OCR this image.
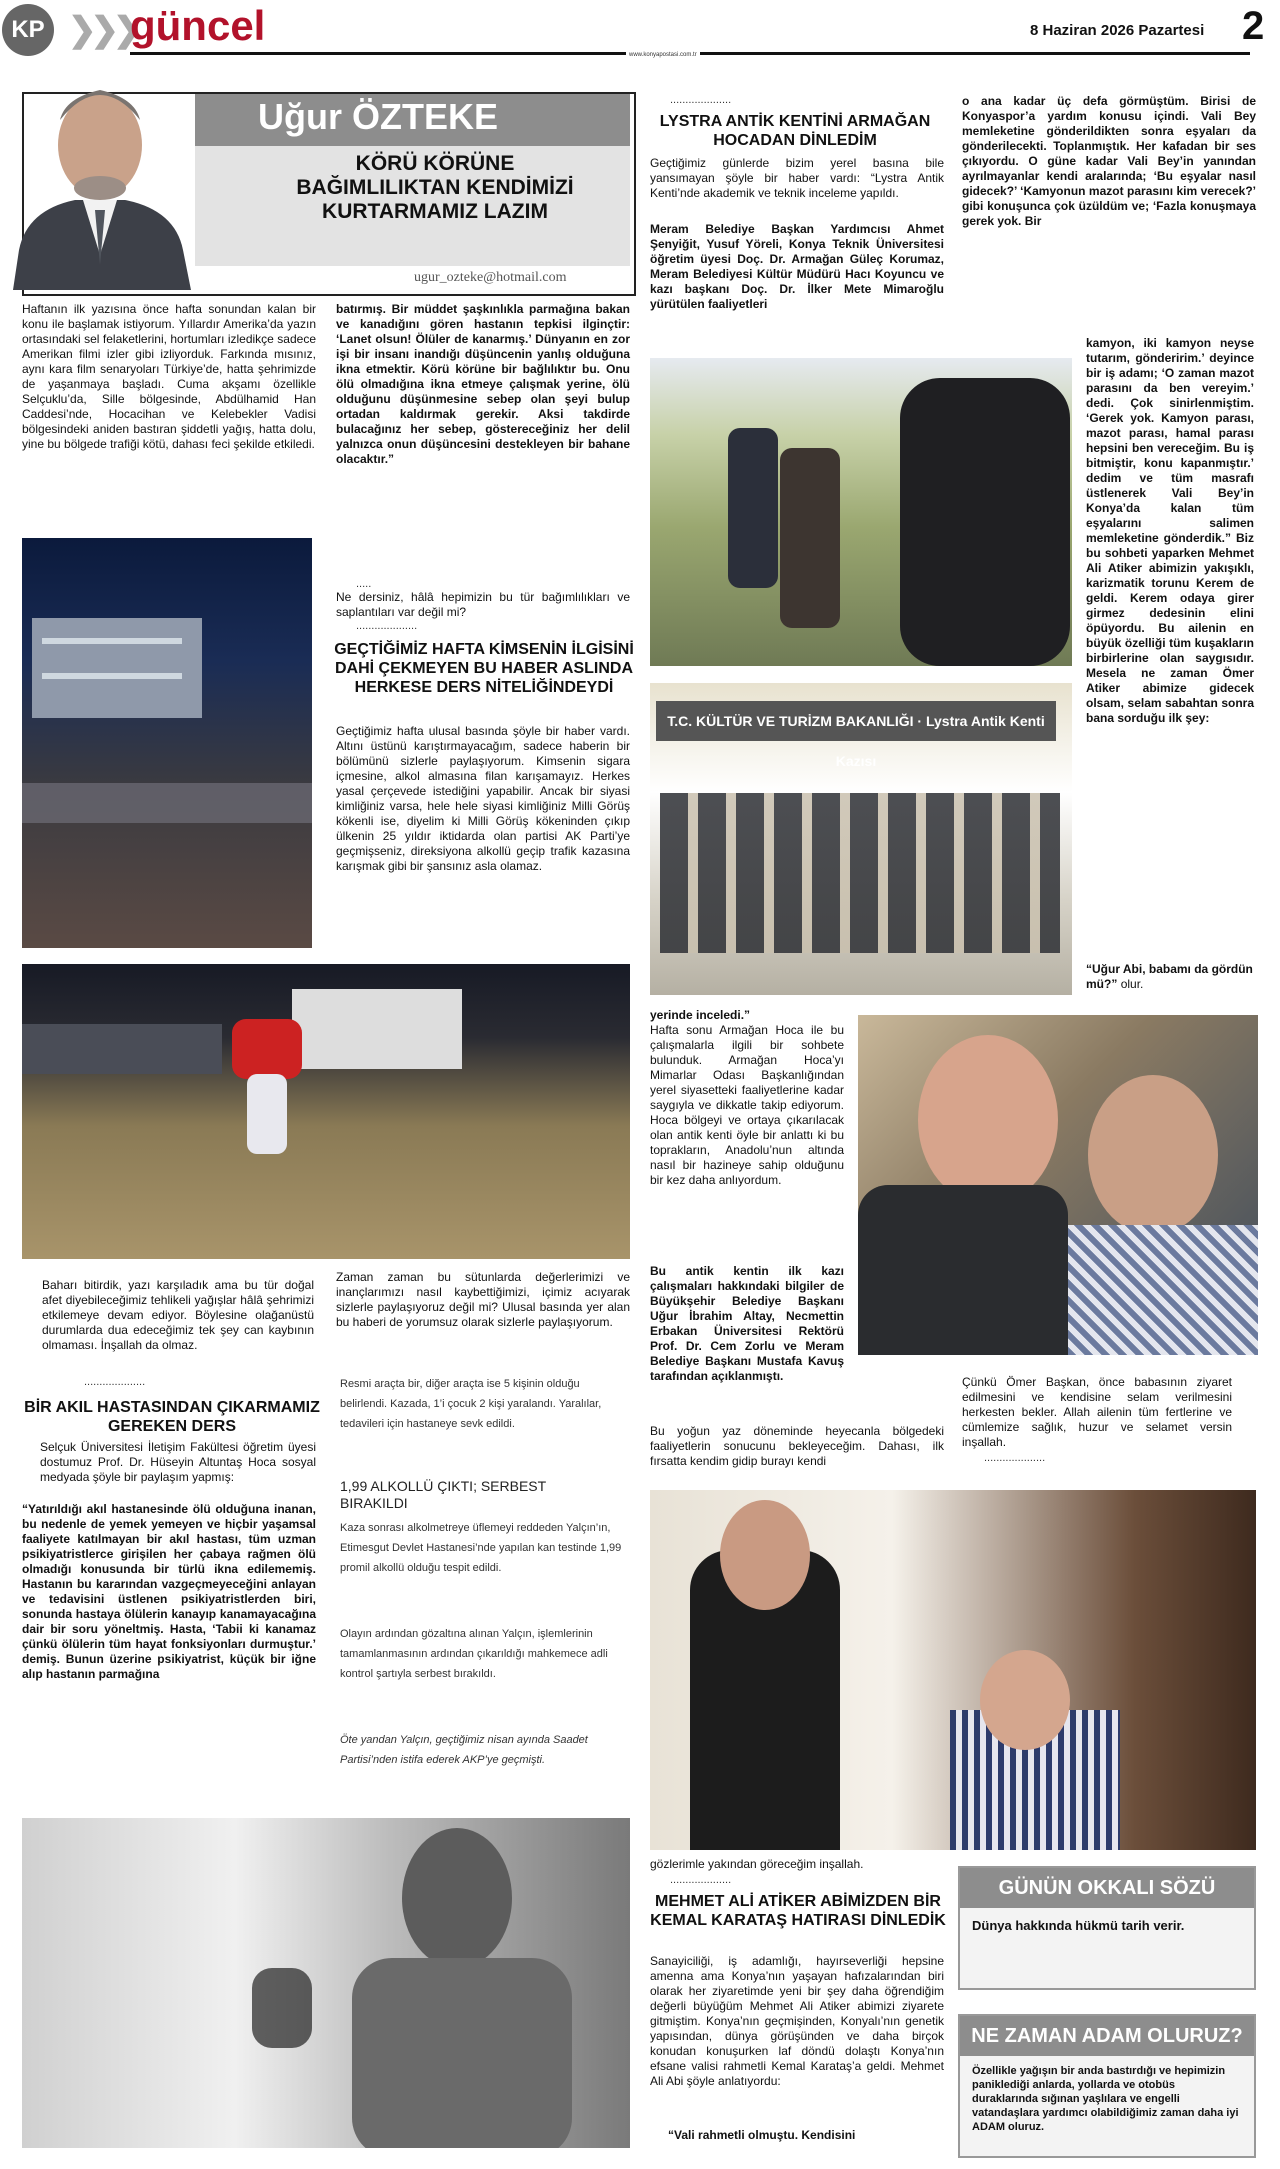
KP ❯❯❯
güncel
www.konyapostasi.com.tr
8 Haziran 2026 Pazartesi 2
Uğur ÖZTEKE
KÖRÜ KÖRÜNE BAĞIMLILIKTAN KENDİMİZİ KURTARMAMIZ LAZIM
ugur_ozteke@hotmail.com
Haftanın ilk yazısına önce hafta sonundan kalan bir konu ile başlamak istiyorum. Yıllardır Amerika’da yazın ortasındaki sel felaketlerini, hortumları izledikçe sadece Amerikan filmi izler gibi izliyorduk. Farkında mısınız, aynı kara film senaryoları Türkiye’de, hatta şehrimizde de yaşanmaya başladı. Cuma akşamı özellikle Selçuklu’da, Sille bölgesinde, Abdülhamid Han Caddesi’nde, Hocacihan ve Kelebekler Vadisi bölgesindeki aniden bastıran şiddetli yağış, hatta dolu, yine bu bölgede trafiği kötü, dahası feci şekilde etkiledi.
Baharı bitirdik, yazı karşıladık ama bu tür doğal afet diyebileceğimiz tehlikeli yağışlar hâlâ şehrimizi etkilemeye devam ediyor. Böylesine olağanüstü durumlarda dua edeceğimiz tek şey can kaybının olmaması. İnşallah da olmaz.
....................
BİR AKIL HASTASINDAN ÇIKARMAMIZ GEREKEN DERS
Selçuk Üniversitesi İletişim Fakültesi öğretim üyesi dostumuz Prof. Dr. Hüseyin Altuntaş Hoca sosyal medyada şöyle bir paylaşım yapmış:
“Yatırıldığı akıl hastanesinde ölü olduğuna inanan, bu nedenle de yemek yemeyen ve hiçbir yaşamsal faaliyete katılmayan bir akıl hastası, tüm uzman psikiyatristlerce girişilen her çabaya rağmen ölü olmadığı konusunda bir türlü ikna edilememiş. Hastanın bu kararından vazgeçmeyeceğini anlayan ve tedavisini üstlenen psikiyatristlerden biri, sonunda hastaya ölülerin kanayıp kanamayacağına dair bir soru yöneltmiş. Hasta, ‘Tabii ki kanamaz çünkü ölülerin tüm hayat fonksiyonları durmuştur.’ demiş. Bunun üzerine psikiyatrist, küçük bir iğne alıp hastanın parmağına
batırmış. Bir müddet şaşkınlıkla parmağına bakan ve kanadığını gören hastanın tepkisi ilginçtir: ‘Lanet olsun! Ölüler de kanarmış.’ Dünyanın en zor işi bir insanı inandığı düşüncenin yanlış olduğuna ikna etmektir. Körü körüne bir bağlılıktır bu. Onu ölü olmadığına ikna etmeye çalışmak yerine, ölü olduğunu düşünmesine sebep olan şeyi bulup ortadan kaldırmak gerekir. Aksi takdirde bulacağınız her sebep, göstereceğiniz her delil yalnızca onun düşüncesini destekleyen bir bahane olacaktır.”
.....
Ne dersiniz, hâlâ hepimizin bu tür bağımlılıkları ve saplantıları var değil mi?
....................
GEÇTİĞİMİZ HAFTA KİMSENİN İLGİSİNİ DAHİ ÇEKMEYEN BU HABER ASLINDA HERKESE DERS NİTELİĞİNDEYDİ
Geçtiğimiz hafta ulusal basında şöyle bir haber vardı. Altını üstünü karıştırmayacağım, sadece haberin bir bölümünü sizlerle paylaşıyorum. Kimsenin sigara içmesine, alkol almasına filan karışamayız. Herkes yasal çerçevede istediğini yapabilir. Ancak bir siyasi kimliğiniz varsa, hele hele siyasi kimliğiniz Milli Görüş kökenli ise, diyelim ki Milli Görüş kökeninden çıkıp ülkenin 25 yıldır iktidarda olan partisi AK Parti’ye geçmişseniz, direksiyona alkollü geçip trafik kazasına karışmak gibi bir şansınız asla olamaz.
Zaman zaman bu sütunlarda değerlerimizi ve inançlarımızı nasıl kaybettiğimizi, içimiz acıyarak sizlerle paylaşıyoruz değil mi? Ulusal basında yer alan bu haberi de yorumsuz olarak sizlerle paylaşıyorum.
Resmi araçta bir, diğer araçta ise 5 kişinin olduğu belirlendi. Kazada, 1’i çocuk 2 kişi yaralandı. Yaralılar, tedavileri için hastaneye sevk edildi.
1,99 ALKOLLÜ ÇIKTI; SERBEST BIRAKILDI
Kaza sonrası alkolmetreye üflemeyi reddeden Yalçın’ın, Etimesgut Devlet Hastanesi’nde yapılan kan testinde 1,99 promil alkollü olduğu tespit edildi.
Olayın ardından gözaltına alınan Yalçın, işlemlerinin tamamlanmasının ardından çıkarıldığı mahkemece adli kontrol şartıyla serbest bırakıldı.
Öte yandan Yalçın, geçtiğimiz nisan ayında Saadet Partisi’nden istifa ederek AKP’ye geçmişti.
....................
LYSTRA ANTİK KENTİNİ ARMAĞAN HOCADAN DİNLEDİM
Geçtiğimiz günlerde bizim yerel basına bile yansımayan şöyle bir haber vardı: “Lystra Antik Kenti’nde akademik ve teknik inceleme yapıldı.
Meram Belediye Başkan Yardımcısı Ahmet Şenyiğit, Yusuf Yöreli, Konya Teknik Üniversitesi öğretim üyesi Doç. Dr. Armağan Güleç Korumaz, Meram Belediyesi Kültür Müdürü Hacı Koyuncu ve kazı başkanı Doç. Dr. İlker Mete Mimaroğlu yürütülen faaliyetleri
T.C. KÜLTÜR VE TURİZM BAKANLIĞI · Lystra Antik Kenti Kazısı
yerinde inceledi.”
Hafta sonu Armağan Hoca ile bu çalışmalarla ilgili bir sohbete bulunduk. Armağan Hoca’yı Mimarlar Odası Başkanlığından yerel siyasetteki faaliyetlerine kadar saygıyla ve dikkatle takip ediyorum. Hoca bölgeyi ve ortaya çıkarılacak olan antik kenti öyle bir anlattı ki bu toprakların, Anadolu’nun altında nasıl bir hazineye sahip olduğunu bir kez daha anlıyordum.
Bu antik kentin ilk kazı çalışmaları hakkındaki bilgiler de Büyükşehir Belediye Başkanı Uğur İbrahim Altay, Necmettin Erbakan Üniversitesi Rektörü Prof. Dr. Cem Zorlu ve Meram Belediye Başkanı Mustafa Kavuş tarafından açıklanmıştı.
Bu yoğun yaz döneminde heyecanla bölgedeki faaliyetlerin sonucunu bekleyeceğim. Dahası, ilk fırsatta kendim gidip burayı kendi
Çünkü Ömer Başkan, önce babasının ziyaret edilmesini ve kendisine selam verilmesini herkesten bekler. Allah ailenin tüm fertlerine ve cümlemize sağlık, huzur ve selamet versin inşallah.
....................
gözlerimle yakından göreceğim inşallah.
....................
MEHMET ALİ ATİKER ABİMİZDEN BİR KEMAL KARATAŞ HATIRASI DİNLEDİK
Sanayiciliği, iş adamlığı, hayırseverliği hepsine amenna ama Konya’nın yaşayan hafızalarından biri olarak her ziyaretimde yeni bir şey daha öğrendiğim değerli büyüğüm Mehmet Ali Atiker abimizi ziyarete gitmiştim. Konya’nın geçmişinden, Konyalı’nın genetik yapısından, dünya görüşünden ve daha birçok konudan konuşurken laf döndü dolaştı Konya’nın efsane valisi rahmetli Kemal Karataş’a geldi. Mehmet Ali Abi şöyle anlatıyordu:
“Vali rahmetli olmuştu. Kendisini
o ana kadar üç defa görmüştüm. Birisi de Konyaspor’a yardım konusu içindi. Vali Bey memleketine gönderildikten sonra eşyaları da gönderilecekti. Toplanmıştık. Her kafadan bir ses çıkıyordu. O güne kadar Vali Bey’in yanından ayrılmayanlar kendi aralarında; ‘Bu eşyalar nasıl gidecek?’ ‘Kamyonun mazot parasını kim verecek?’ gibi konuşunca çok üzüldüm ve; ‘Fazla konuşmaya gerek yok. Bir
kamyon, iki kamyon neyse tutarım, gönderirim.’ deyince bir iş adamı; ‘O zaman mazot parasını da ben vereyim.’ dedi. Çok sinirlenmiştim. ‘Gerek yok. Kamyon parası, mazot parası, hamal parası hepsini ben vereceğim. Bu iş bitmiştir, konu kapanmıştır.’ dedim ve tüm masrafı üstlenerek Vali Bey’in Konya’da kalan tüm eşyalarını salimen memleketine gönderdik.” Biz bu sohbeti yaparken Mehmet Ali Atiker abimizin yakışıklı, karizmatik torunu Kerem de geldi. Kerem odaya girer girmez dedesinin elini öpüyordu. Bu ailenin en büyük özelliği tüm kuşakların birbirlerine olan saygısıdır. Mesela ne zaman Ömer Atiker abimize gidecek olsam, selam sabahtan sonra bana sorduğu ilk şey:
“Uğur Abi, babamı da gördün mü?” olur.
GÜNÜN OKKALI SÖZÜ
Dünya hakkında hükmü tarih verir.
NE ZAMAN ADAM OLURUZ?
Özellikle yağışın bir anda bastırdığı ve hepimizin paniklediği anlarda, yollarda ve otobüs duraklarında sığınan yaşlılara ve engelli vatandaşlara yardımcı olabildiğimiz zaman daha iyi ADAM oluruz.
